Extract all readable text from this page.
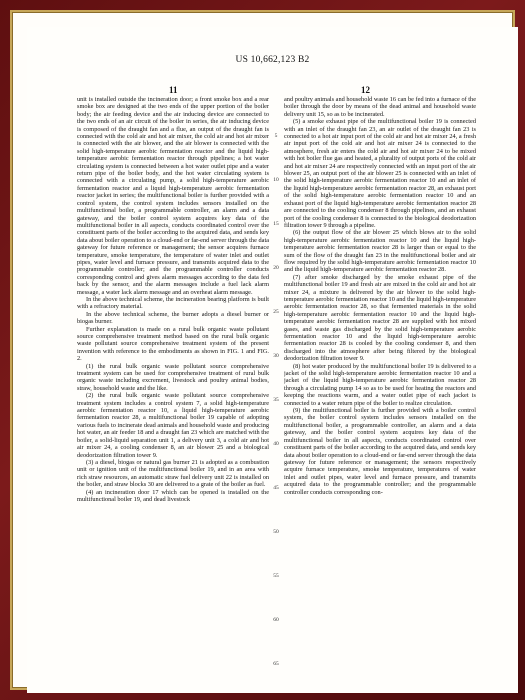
US 10,662,123 B2
11	12

unit is installed outside the incineration door; a front smoke box and a rear smoke box are designed at the two ends of the upper portion of the boiler body; the air feeding device and the air inducing device are connected to the two ends of an air circuit of the boiler in series, the air inducing device is composed of the draught fan and a flue, an output of the draught fan is connected with the cold air and hot air mixer, the cold air and hot air mixer is connected with the air blower, and the air blower is connected with the solid high-temperature aerobic fermentation reactor and the liquid high-temperature aerobic fermentation reactor through pipelines; a hot water circulating system is connected between a hot water outlet pipe and a water return pipe of the boiler body, and the hot water circulating system is connected with a circulating pump, a solid high-temperature aerobic fermentation reactor and a liquid high-temperature aerobic fermentation reactor jacket in series; the multifunctional boiler is further provided with a control system, the control system includes sensors installed on the multifunctional boiler, a programmable controller, an alarm and a data gateway, and the boiler control system acquires key data of the multifunctional boiler in all aspects, conducts coordinated control over the constituent parts of the boiler according to the acquired data, and sends key data about boiler operation to a cloud-end or far-end server through the data gateway for future reference or management; the sensor acquires furnace temperature, smoke temperature, the temperature of water inlet and outlet pipes, water level and furnace pressure, and transmits acquired data to the programmable controller; and the programmable controller conducts corresponding control and gives alarm messages according to the data fed back by the sensor, and the alarm messages include a fuel lack alarm message, a water lack alarm message and an overheat alarm message.

In the above technical scheme, the incineration bearing platform is built with a refractory material.

In the above technical scheme, the burner adopts a diesel burner or biogas burner.

Further explanation is made on a rural bulk organic waste pollutant source comprehensive treatment method based on the rural bulk organic waste pollutant source comprehensive treatment system of the present invention with reference to the embodiments as shown in FIG. 1 and FIG. 2.

(1) the rural bulk organic waste pollutant source comprehensive treatment system can be used for comprehensive treatment of rural bulk organic waste including excrement, livestock and poultry animal bodies, straw, household waste and the like.

(2) the rural bulk organic waste pollutant source comprehensive treatment system includes a control system 7, a solid high-temperature aerobic fermentation reactor 10, a liquid high-temperature aerobic fermentation reactor 28, a multifunctional boiler 19 capable of adopting various fuels to incinerate dead animals and household waste and producing hot water, an air feeder 18 and a draught fan 23 which are matched with the boiler, a solid-liquid separation unit 1, a delivery unit 3, a cold air and hot air mixer 24, a cooling condenser 8, an air blower 25 and a biological deodorization filtration tower 9.

(3) a diesel, biogas or natural gas burner 21 is adopted as a combustion unit or ignition unit of the multifunctional boiler 19, and in an area with rich straw resources, an automatic straw fuel delivery unit 22 is installed on the boiler, and straw blocks 30 are delivered to a grate of the boiler as fuel.

(4) an incineration door 17 which can be opened is installed on the multifunctional boiler 19, and dead livestock

5
10
15
20
25
30
35
40
45
50
55
60
65

and poultry animals and household waste 16 can be fed into a furnace of the boiler through the door by means of the dead animal and household waste delivery unit 15, so as to be incinerated.

(5) a smoke exhaust pipe of the multifunctional boiler 19 is connected with an inlet of the draught fan 23, an air outlet of the draught fan 23 is connected to a hot air input port of the cold air and hot air mixer 24, a fresh air input port of the cold air and hot air mixer 24 is connected to the atmosphere, fresh air enters the cold air and hot air mixer 24 to be mixed with hot boiler flue gas and heated, a plurality of output ports of the cold air and hot air mixer 24 are respectively connected with an input port of the air blower 25, an output port of the air blower 25 is connected with an inlet of the solid high-temperature aerobic fermentation reactor 10 and an inlet of the liquid high-temperature aerobic fermentation reactor 28, an exhaust port of the solid high-temperature aerobic fermentation reactor 10 and an exhaust port of the liquid high-temperature aerobic fermentation reactor 28 are connected to the cooling condenser 8 through pipelines, and an exhaust port of the cooling condenser 8 is connected to the biological deodorization filtration tower 9 through a pipeline.

(6) the output flow of the air blower 25 which blows air to the solid high-temperature aerobic fermentation reactor 10 and the liquid high-temperature aerobic fermentation reactor 28 is larger than or equal to the sum of the flow of the draught fan 23 in the multifunctional boiler and air flow required by the solid high-temperature aerobic fermentation reactor 10 and the liquid high-temperature aerobic fermentation reactor 28.

(7) after smoke discharged by the smoke exhaust pipe of the multifunctional boiler 19 and fresh air are mixed in the cold air and hot air mixer 24, a mixture is delivered by the air blower to the solid high-temperature aerobic fermentation reactor 10 and the liquid high-temperature aerobic fermentation reactor 28, so that fermented materials in the solid high-temperature aerobic fermentation reactor 10 and the liquid high-temperature aerobic fermentation reactor 28 are supplied with hot mixed gases, and waste gas discharged by the solid high-temperature aerobic fermentation reactor 10 and the liquid high-temperature aerobic fermentation reactor 28 is cooled by the cooling condenser 8, and then discharged into the atmosphere after being filtered by the biological deodorization filtration tower 9.

(8) hot water produced by the multifunctional boiler 19 is delivered to a jacket of the solid high-temperature aerobic fermentation reactor 10 and a jacket of the liquid high-temperature aerobic fermentation reactor 28 through a circulating pump 14 so as to be used for heating the reactors and keeping the reactions warm, and a water outlet pipe of each jacket is connected to a water return pipe of the boiler to realize circulation.

(9) the multifunctional boiler is further provided with a boiler control system, the boiler control system includes sensors installed on the multifunctional boiler, a programmable controller, an alarm and a data gateway, and the boiler control system acquires key data of the multifunctional boiler in all aspects, conducts coordinated control over constituent parts of the boiler according to the acquired data, and sends key data about boiler operation to a cloud-end or far-end server through the data gateway for future reference or management; the sensors respectively acquire furnace temperature, smoke temperature, temperatures of water inlet and outlet pipes, water level and furnace pressure, and transmits acquired data to the programmable controller; and the programmable controller conducts corresponding con-
